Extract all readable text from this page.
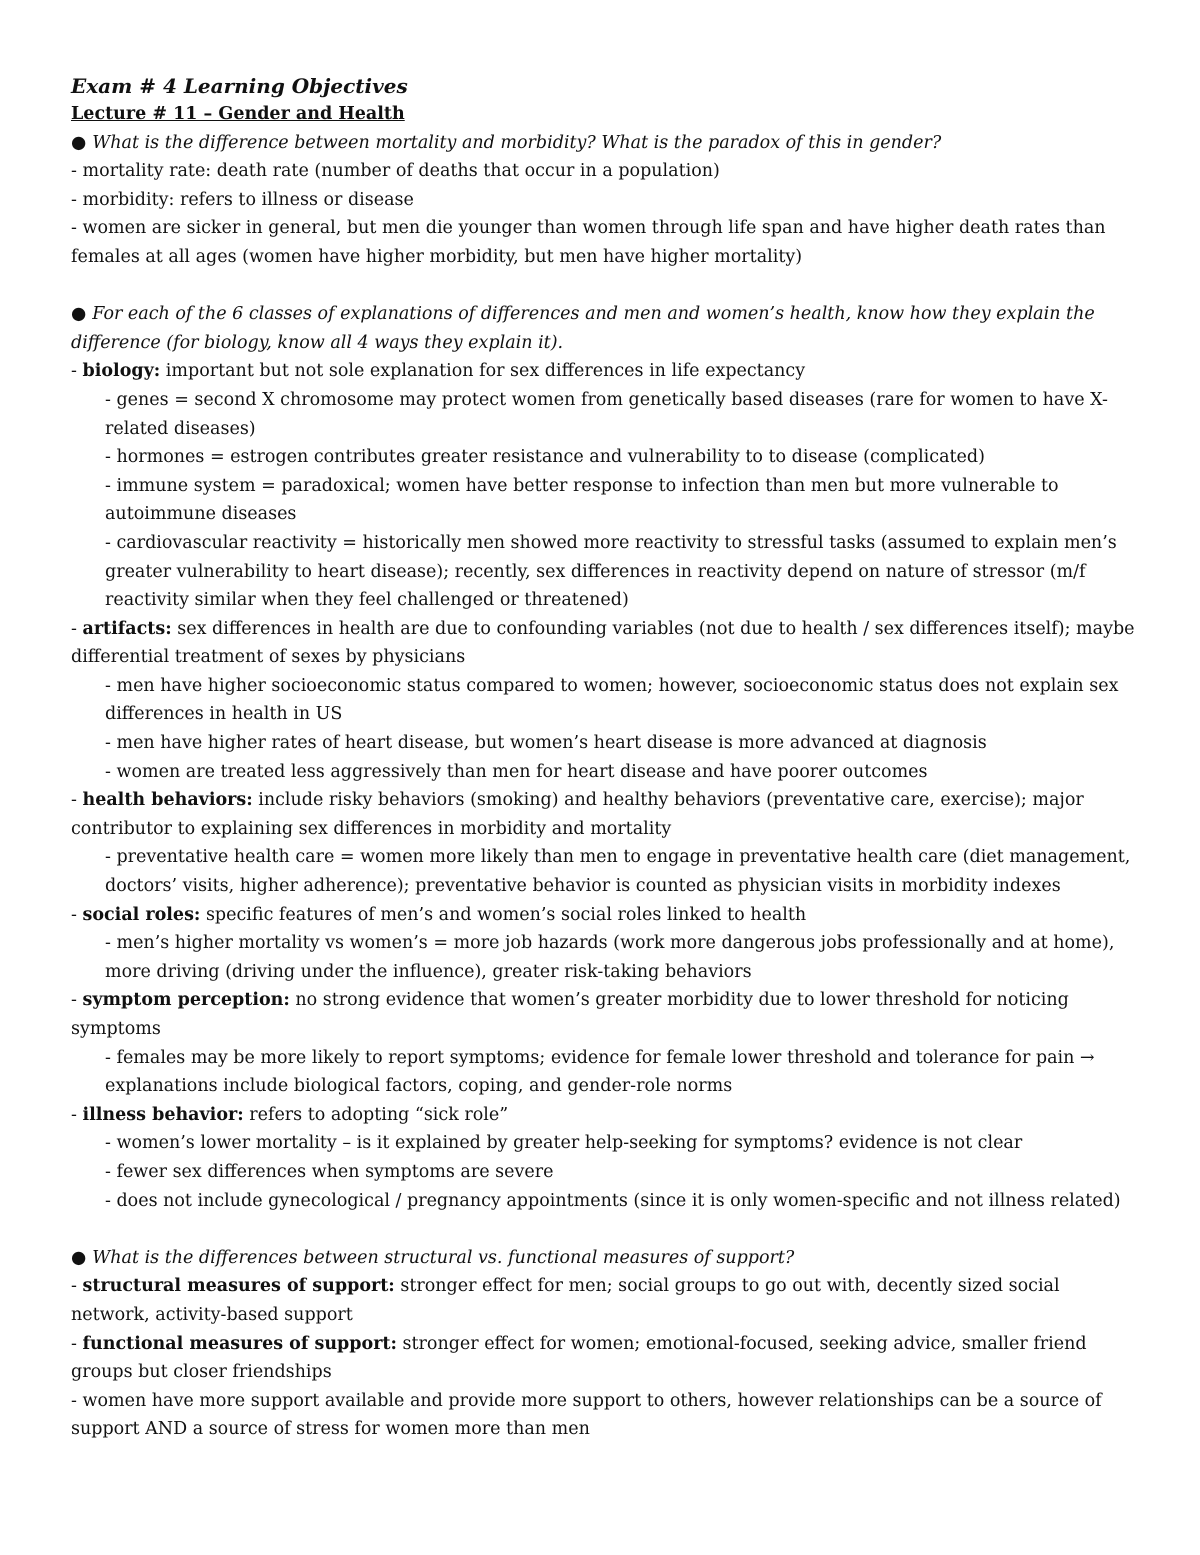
Exam # 4 Learning Objectives

Lecture # 11 – Gender and Health

● What is the difference between mortality and morbidity? What is the paradox of this in gender?

- mortality rate: death rate (number of deaths that occur in a population)

- morbidity: refers to illness or disease

- women are sicker in general, but men die younger than women through life span and have higher death rates than females at all ages (women have higher morbidity, but men have higher mortality)

● For each of the 6 classes of explanations of differences and men and women’s health, know how they explain the difference (for biology, know all 4 ways they explain it).

- biology: important but not sole explanation for sex differences in life expectancy

- genes = second X chromosome may protect women from genetically based diseases (rare for women to have X-related diseases)

- hormones = estrogen contributes greater resistance and vulnerability to to disease (complicated)

- immune system = paradoxical; women have better response to infection than men but more vulnerable to autoimmune diseases

- cardiovascular reactivity = historically men showed more reactivity to stressful tasks (assumed to explain men’s greater vulnerability to heart disease); recently, sex differences in reactivity depend on nature of stressor (m/f reactivity similar when they feel challenged or threatened)

- artifacts: sex differences in health are due to confounding variables (not due to health / sex differences itself); maybe differential treatment of sexes by physicians

- men have higher socioeconomic status compared to women; however, socioeconomic status does not explain sex differences in health in US

- men have higher rates of heart disease, but women’s heart disease is more advanced at diagnosis

- women are treated less aggressively than men for heart disease and have poorer outcomes

- health behaviors: include risky behaviors (smoking) and healthy behaviors (preventative care, exercise); major contributor to explaining sex differences in morbidity and mortality

- preventative health care = women more likely than men to engage in preventative health care (diet management, doctors’ visits, higher adherence); preventative behavior is counted as physician visits in morbidity indexes

- social roles: specific features of men’s and women’s social roles linked to health

- men’s higher mortality vs women’s = more job hazards (work more dangerous jobs professionally and at home), more driving (driving under the influence), greater risk-taking behaviors

- symptom perception: no strong evidence that women’s greater morbidity due to lower threshold for noticing symptoms

- females may be more likely to report symptoms; evidence for female lower threshold and tolerance for pain → explanations include biological factors, coping, and gender-role norms

- illness behavior: refers to adopting “sick role”

- women’s lower mortality – is it explained by greater help-seeking for symptoms? evidence is not clear

- fewer sex differences when symptoms are severe

- does not include gynecological / pregnancy appointments (since it is only women-specific and not illness related)

● What is the differences between structural vs. functional measures of support?

- structural measures of support: stronger effect for men; social groups to go out with, decently sized social network, activity-based support

- functional measures of support: stronger effect for women; emotional-focused, seeking advice, smaller friend groups but closer friendships

- women have more support available and provide more support to others, however relationships can be a source of support AND a source of stress for women more than men
